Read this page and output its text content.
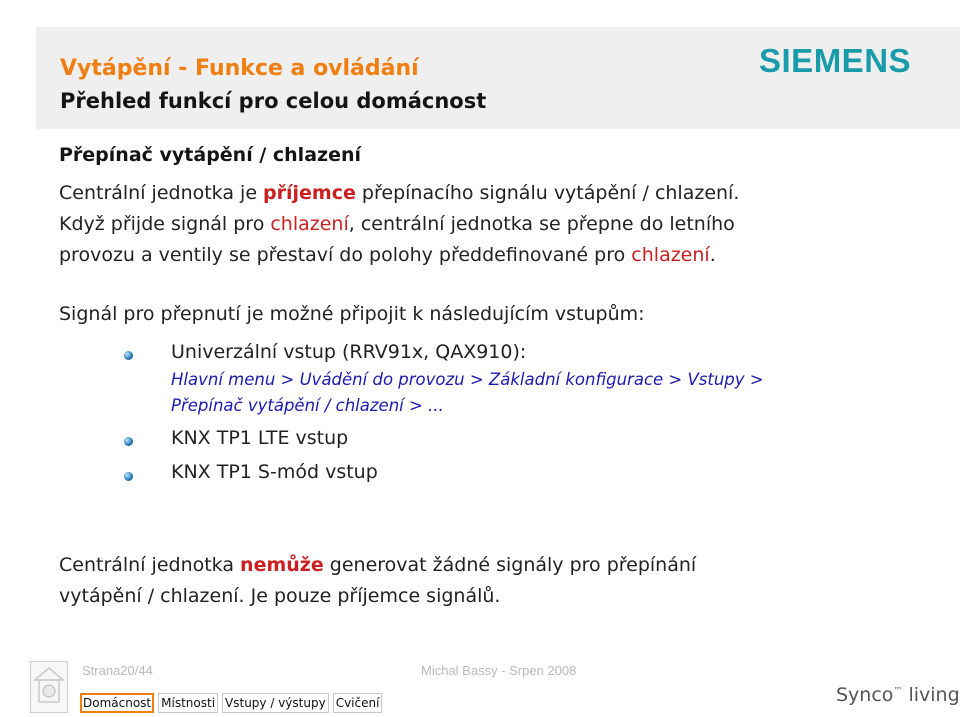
Vytápění - Funkce a ovládání
Přehled funkcí pro celou domácnost
SIEMENS
Přepínač vytápění / chlazení

Centrální jednotka je příjemce přepínacího signálu vytápění / chlazení.

Když přijde signál pro chlazení, centrální jednotka se přepne do letního

provozu a ventily se přestaví do polohy předdefinované pro chlazení.

Signál pro přepnutí je možné připojit k následujícím vstupům:
Univerzální vstup (RRV91x, QAX910):
Hlavní menu > Uvádění do provozu > Základní konfigurace > Vstupy >
Přepínač vytápění / chlazení > ...
KNX TP1 LTE vstup
KNX TP1 S-mód vstup

Centrální jednotka nemůže generovat žádné signály pro přepínání

vytápění / chlazení. Je pouze příjemce signálů.

Strana20/44	Michal Bassy - Srpen 2008
Domácnost Místnosti Vstupy / výstupy Cvičení	Synco™ living
